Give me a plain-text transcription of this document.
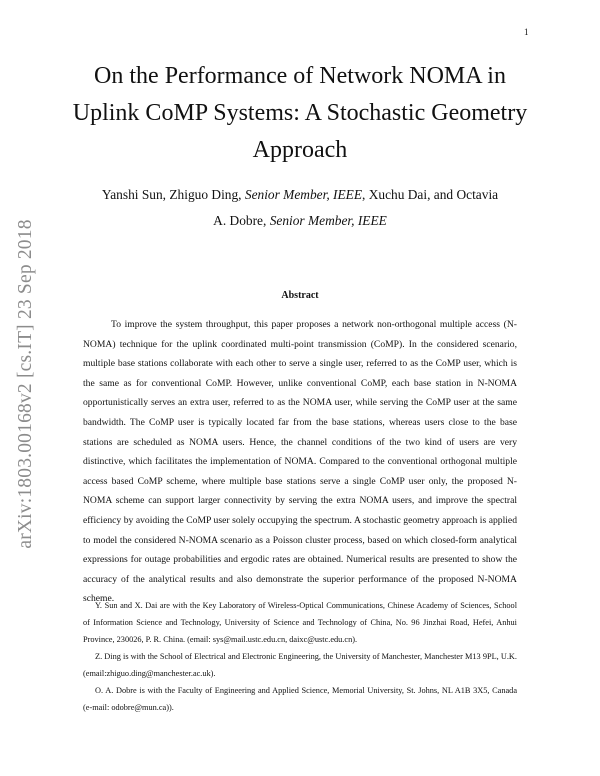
1
arXiv:1803.00168v2 [cs.IT] 23 Sep 2018
On the Performance of Network NOMA in Uplink CoMP Systems: A Stochastic Geometry Approach
Yanshi Sun, Zhiguo Ding, Senior Member, IEEE, Xuchu Dai, and Octavia A. Dobre, Senior Member, IEEE
Abstract

To improve the system throughput, this paper proposes a network non-orthogonal multiple access (N-NOMA) technique for the uplink coordinated multi-point transmission (CoMP). In the considered scenario, multiple base stations collaborate with each other to serve a single user, referred to as the CoMP user, which is the same as for conventional CoMP. However, unlike conventional CoMP, each base station in N-NOMA opportunistically serves an extra user, referred to as the NOMA user, while serving the CoMP user at the same bandwidth. The CoMP user is typically located far from the base stations, whereas users close to the base stations are scheduled as NOMA users. Hence, the channel conditions of the two kind of users are very distinctive, which facilitates the implementation of NOMA. Compared to the conventional orthogonal multiple access based CoMP scheme, where multiple base stations serve a single CoMP user only, the proposed N-NOMA scheme can support larger connectivity by serving the extra NOMA users, and improve the spectral efficiency by avoiding the CoMP user solely occupying the spectrum. A stochastic geometry approach is applied to model the considered N-NOMA scenario as a Poisson cluster process, based on which closed-form analytical expressions for outage probabilities and ergodic rates are obtained. Numerical results are presented to show the accuracy of the analytical results and also demonstrate the superior performance of the proposed N-NOMA scheme.

Y. Sun and X. Dai are with the Key Laboratory of Wireless-Optical Communications, Chinese Academy of Sciences, School of Information Science and Technology, University of Science and Technology of China, No. 96 Jinzhai Road, Hefei, Anhui Province, 230026, P. R. China. (email: sys@mail.ustc.edu.cn, daixc@ustc.edu.cn).

Z. Ding is with the School of Electrical and Electronic Engineering, the University of Manchester, Manchester M13 9PL, U.K. (email:zhiguo.ding@manchester.ac.uk).

O. A. Dobre is with the Faculty of Engineering and Applied Science, Memorial University, St. Johns, NL A1B 3X5, Canada (e-mail: odobre@mun.ca)).
